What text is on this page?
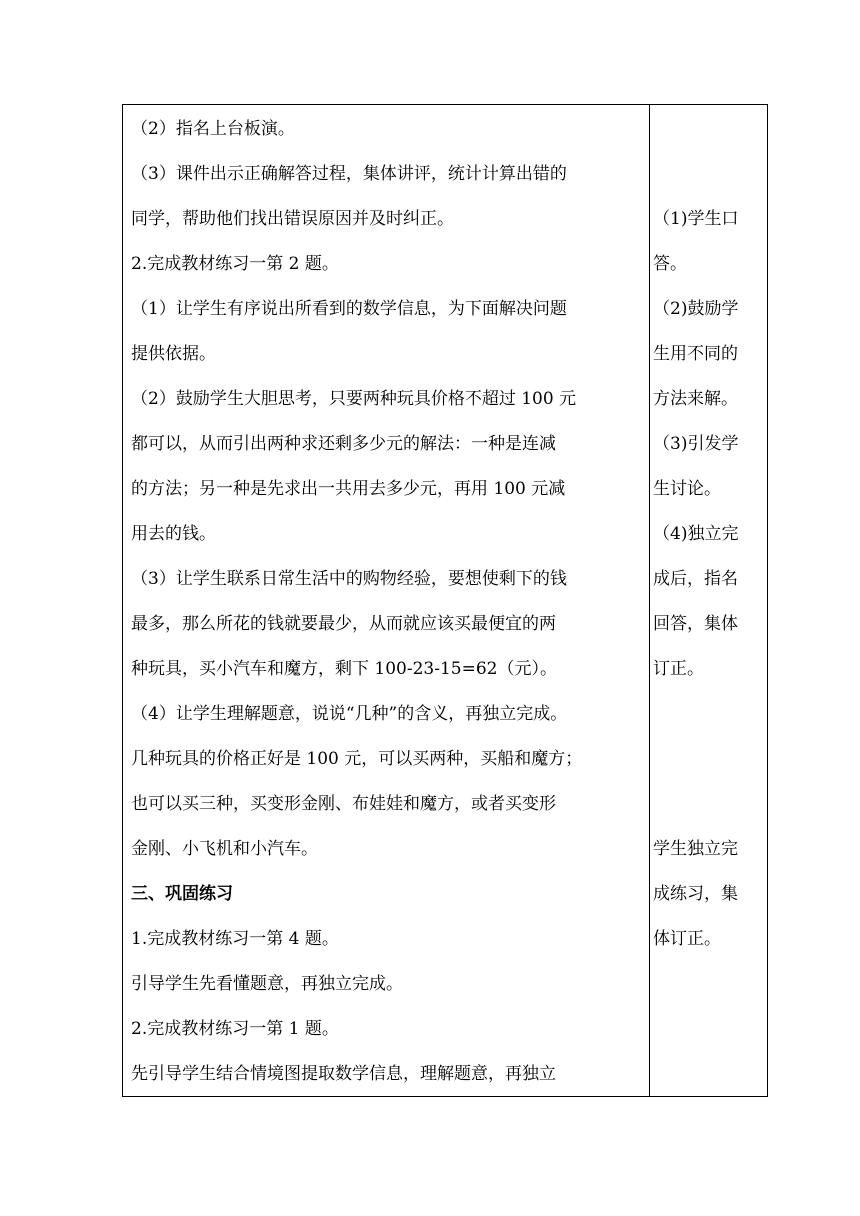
（2）指名上台板演。
（3）课件出示正确解答过程，集体讲评，统计计算出错的
同学，帮助他们找出错误原因并及时纠正。
2.完成教材练习一第 2 题。
（1）让学生有序说出所看到的数学信息，为下面解决问题
提供依据。
（2）鼓励学生大胆思考，只要两种玩具价格不超过 100 元
都可以，从而引出两种求还剩多少元的解法：一种是连减
的方法；另一种是先求出一共用去多少元，再用 100 元减
用去的钱。
（3）让学生联系日常生活中的购物经验，要想使剩下的钱
最多，那么所花的钱就要最少，从而就应该买最便宜的两
种玩具，买小汽车和魔方，剩下 100-23-15=62（元）。
（4）让学生理解题意，说说“几种”的含义，再独立完成。
几种玩具的价格正好是 100 元，可以买两种，买船和魔方；
也可以买三种，买变形金刚、布娃娃和魔方，或者买变形
金刚、小飞机和小汽车。
三、巩固练习
1.完成教材练习一第 4 题。
引导学生先看懂题意，再独立完成。
2.完成教材练习一第 1 题。
先引导学生结合情境图提取数学信息，理解题意，再独立
（1)学生口
答。
（2)鼓励学
生用不同的
方法来解。
（3)引发学
生讨论。
（4)独立完
成后，指名
回答，集体
订正。
学生独立完
成练习，集
体订正。
